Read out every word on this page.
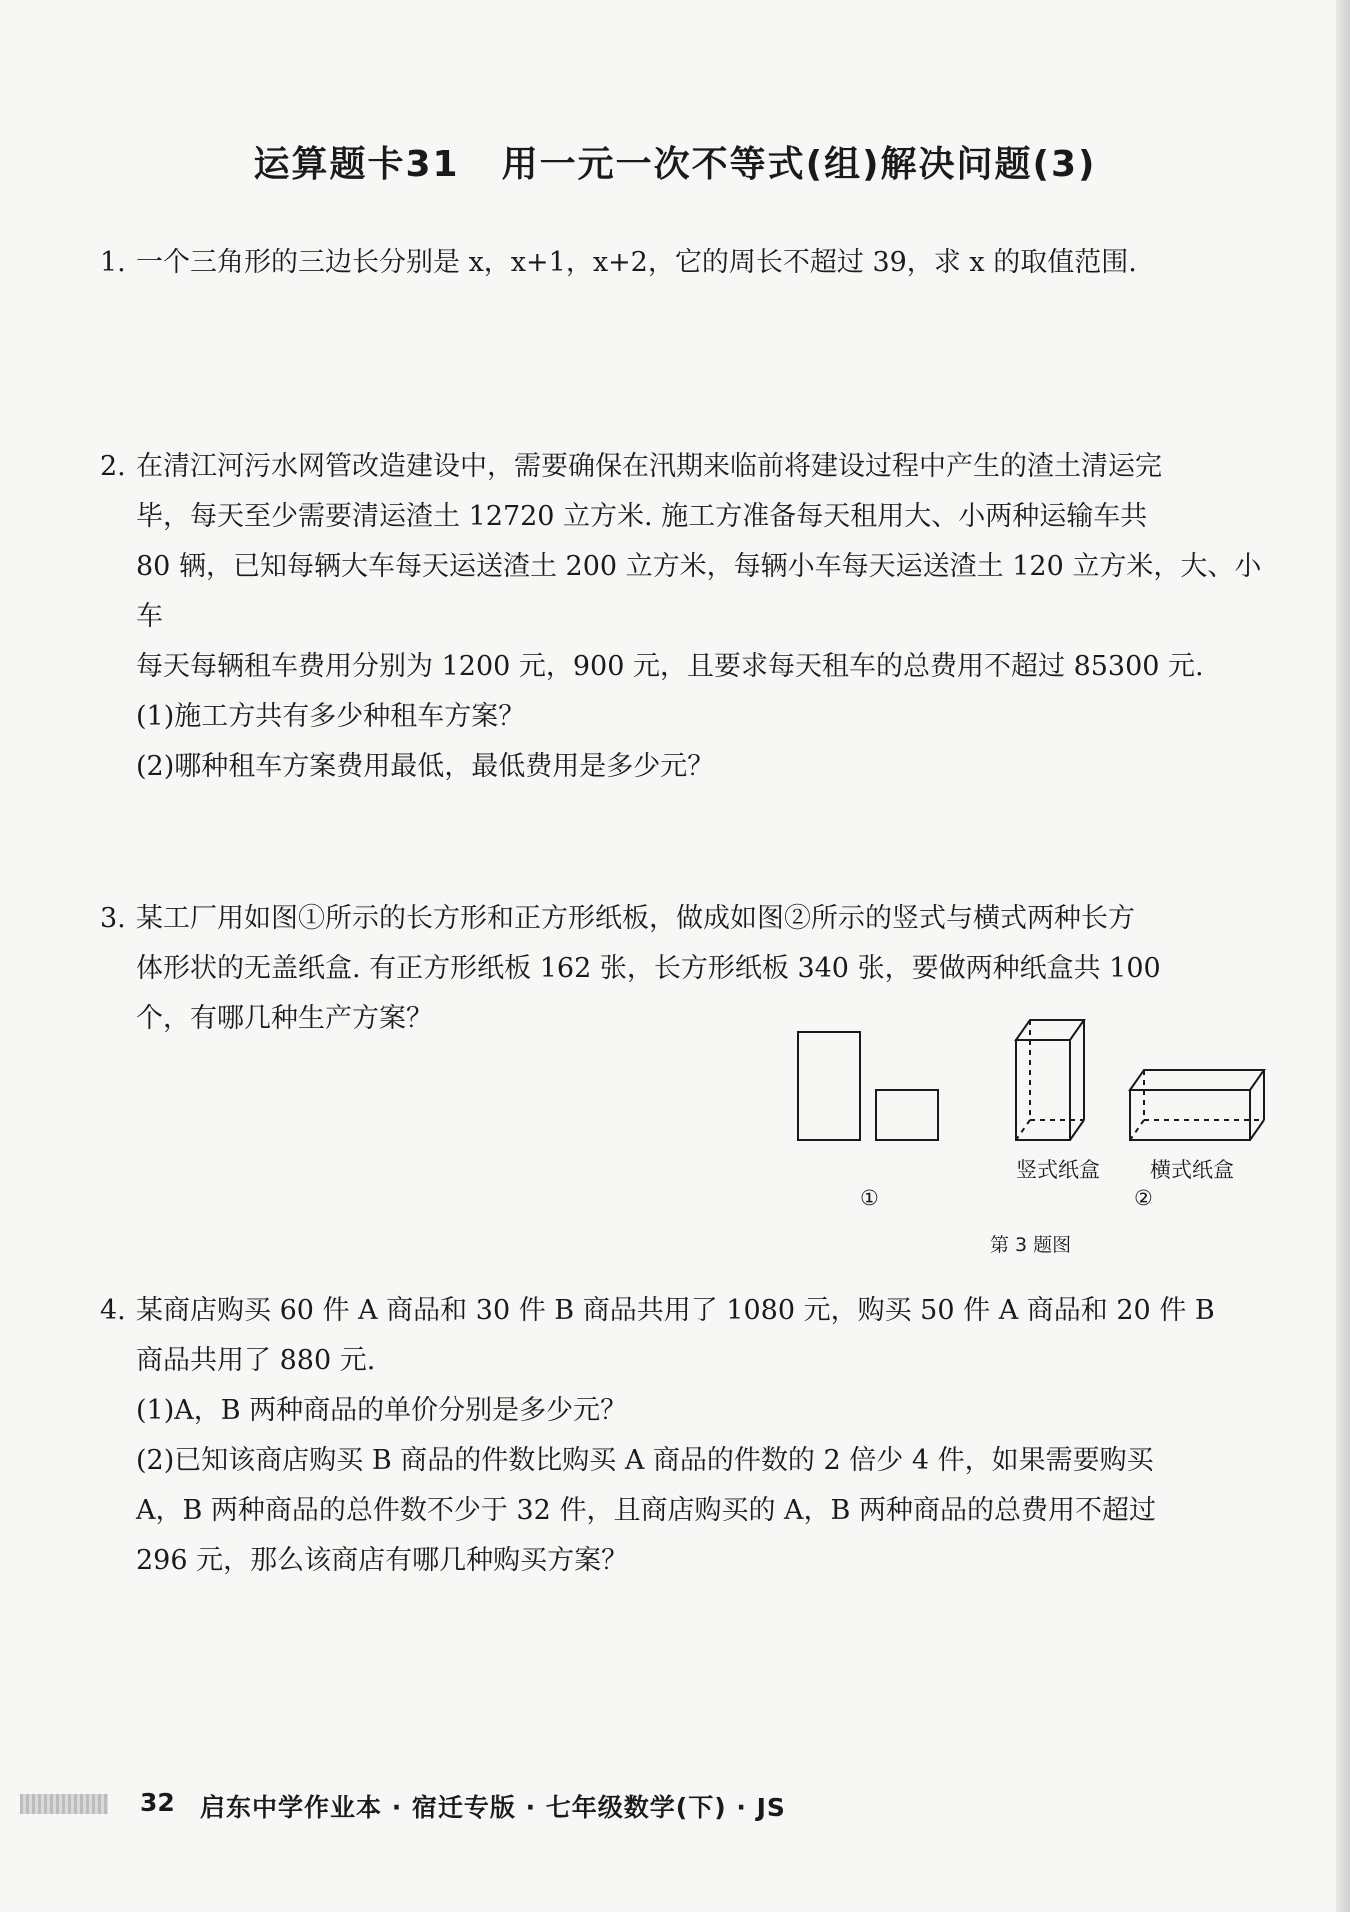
运算题卡31 用一元一次不等式(组)解决问题(3)

1. 一个三角形的三边长分别是 x，x+1，x+2，它的周长不超过 39，求 x 的取值范围.

2. 在清江河污水网管改造建设中，需要确保在汛期来临前将建设过程中产生的渣土清运完

毕，每天至少需要清运渣土 12720 立方米. 施工方准备每天租用大、小两种运输车共

80 辆，已知每辆大车每天运送渣土 200 立方米，每辆小车每天运送渣土 120 立方米，大、小车

每天每辆租车费用分别为 1200 元，900 元，且要求每天租车的总费用不超过 85300 元.

(1)施工方共有多少种租车方案？

(2)哪种租车方案费用最低，最低费用是多少元？

3. 某工厂用如图①所示的长方形和正方形纸板，做成如图②所示的竖式与横式两种长方

体形状的无盖纸盒. 有正方形纸板 162 张，长方形纸板 340 张，要做两种纸盒共 100

个，有哪几种生产方案？

竖式纸盒 横式纸盒
①	②
第 3 题图

4. 某商店购买 60 件 A 商品和 30 件 B 商品共用了 1080 元，购买 50 件 A 商品和 20 件 B

商品共用了 880 元.

(1)A，B 两种商品的单价分别是多少元？

(2)已知该商店购买 B 商品的件数比购买 A 商品的件数的 2 倍少 4 件，如果需要购买

A，B 两种商品的总件数不少于 32 件，且商店购买的 A，B 两种商品的总费用不超过

296 元，那么该商店有哪几种购买方案？

32 启东中学作业本 · 宿迁专版 · 七年级数学(下) · JS
